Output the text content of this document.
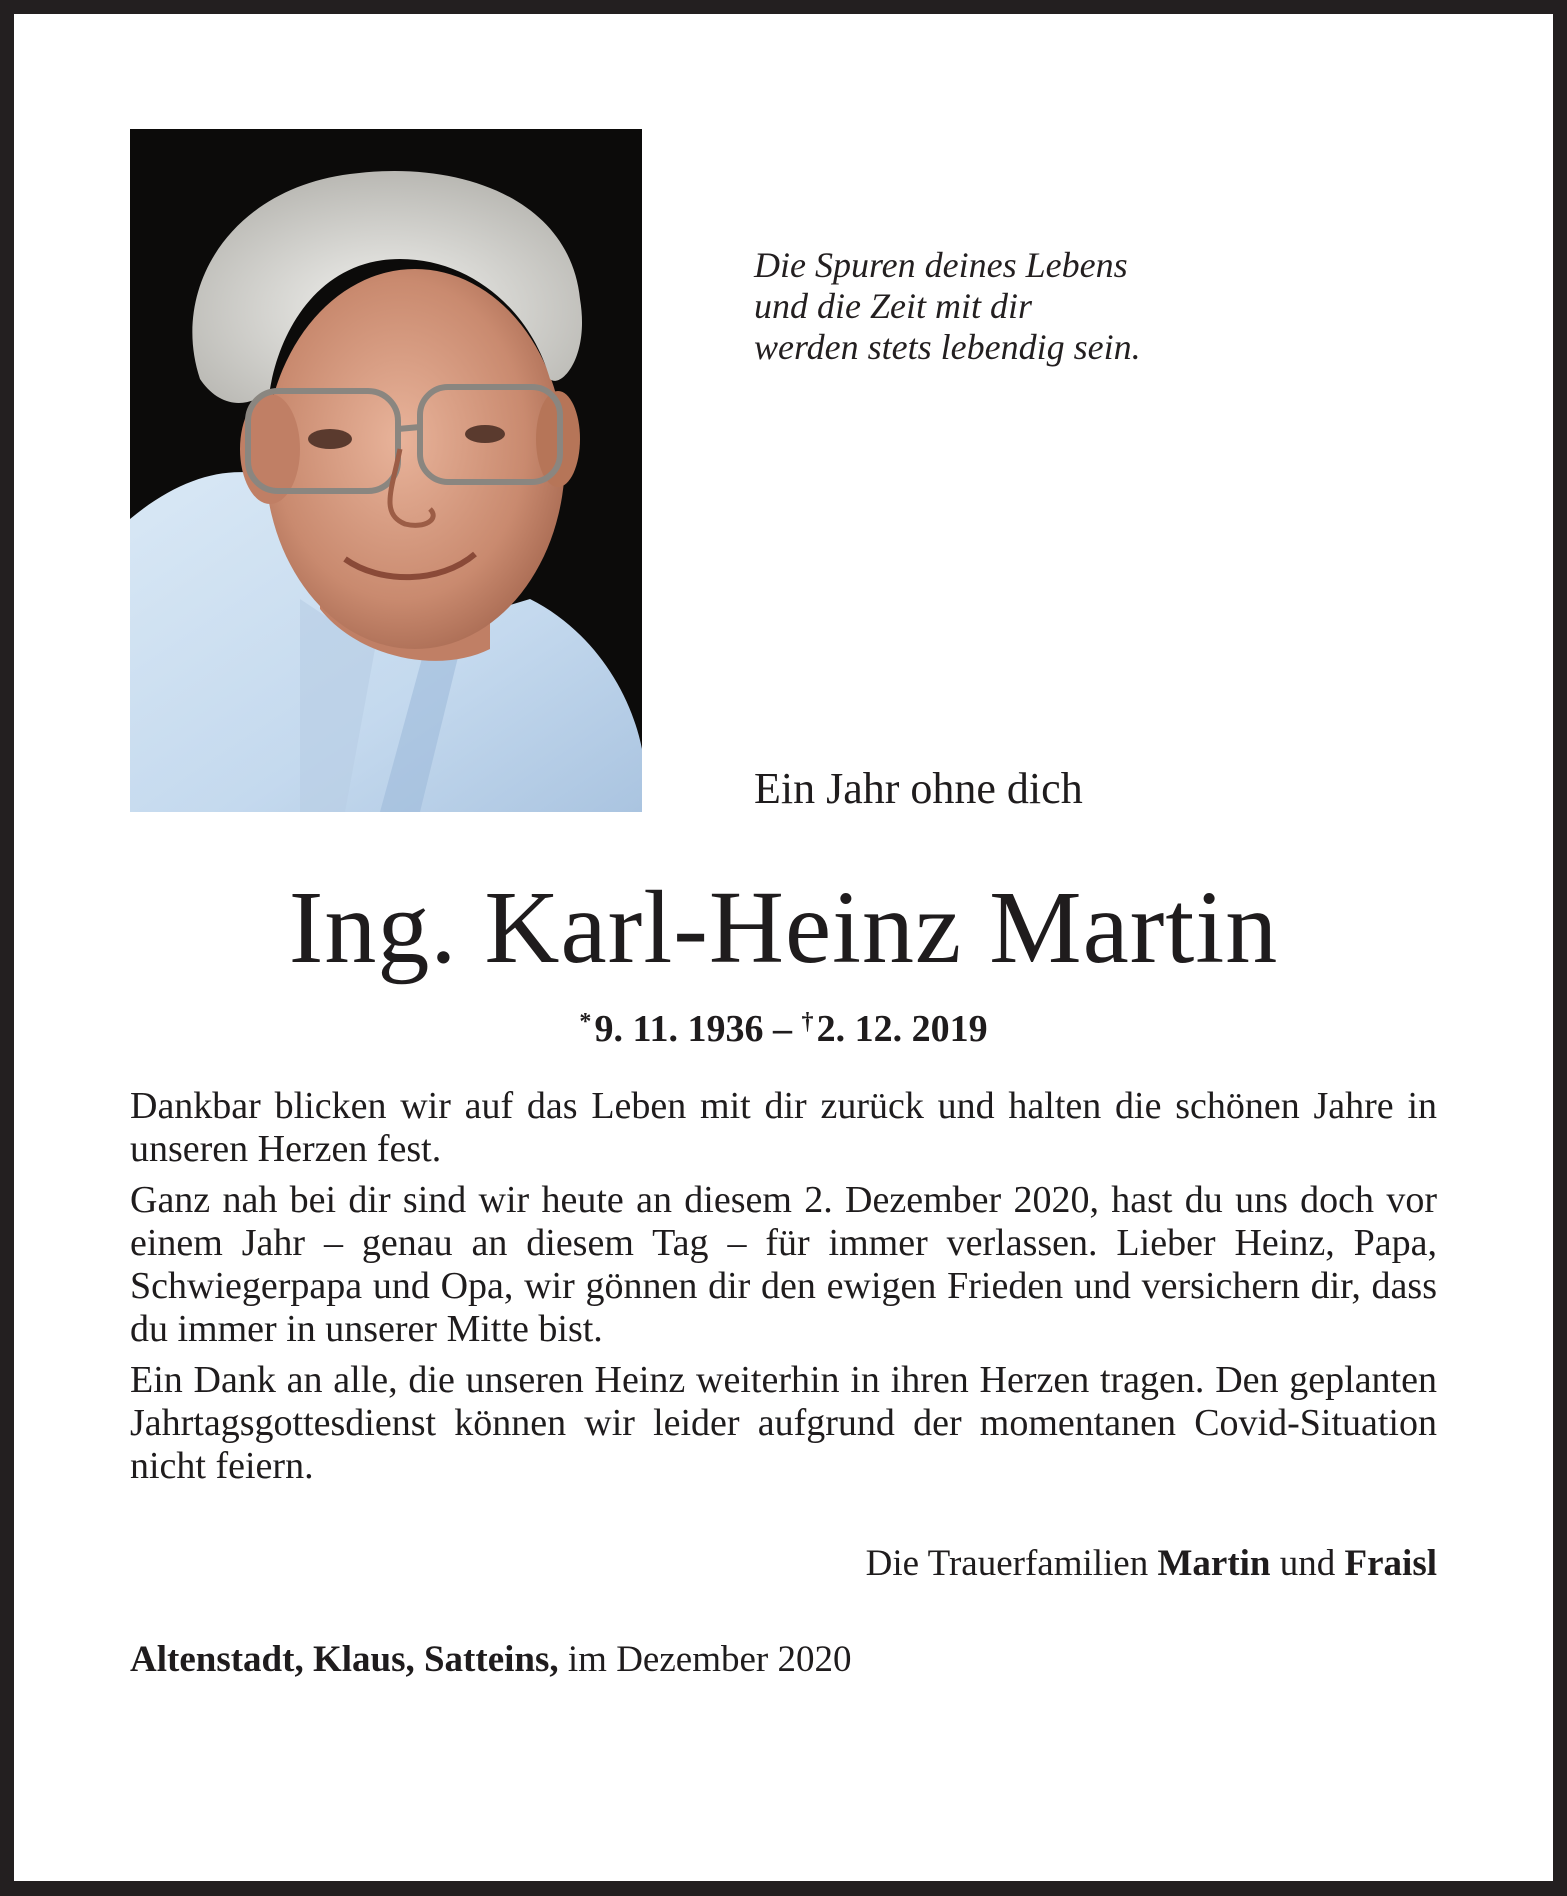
Die Spuren deines Lebens
und die Zeit mit dir
werden stets lebendig sein.
Ein Jahr ohne dich
Ing. Karl-Heinz Martin
* 9. 11. 1936 – † 2. 12. 2019

Dankbar blicken wir auf das Leben mit dir zurück und halten die schönen Jahre in unseren Herzen fest.

Ganz nah bei dir sind wir heute an diesem 2. Dezember 2020, hast du uns doch vor einem Jahr – genau an diesem Tag – für immer verlassen. Lieber Heinz, Papa, Schwiegerpapa und Opa, wir gönnen dir den ewigen Frieden und versichern dir, dass du immer in unserer Mitte bist.

Ein Dank an alle, die unseren Heinz weiterhin in ihren Herzen tragen. Den geplanten Jahrtagsgottesdienst können wir leider aufgrund der momentanen Covid-Situation nicht feiern.

Die Trauerfamilien Martin und Fraisl
Altenstadt, Klaus, Satteins, im Dezember 2020
